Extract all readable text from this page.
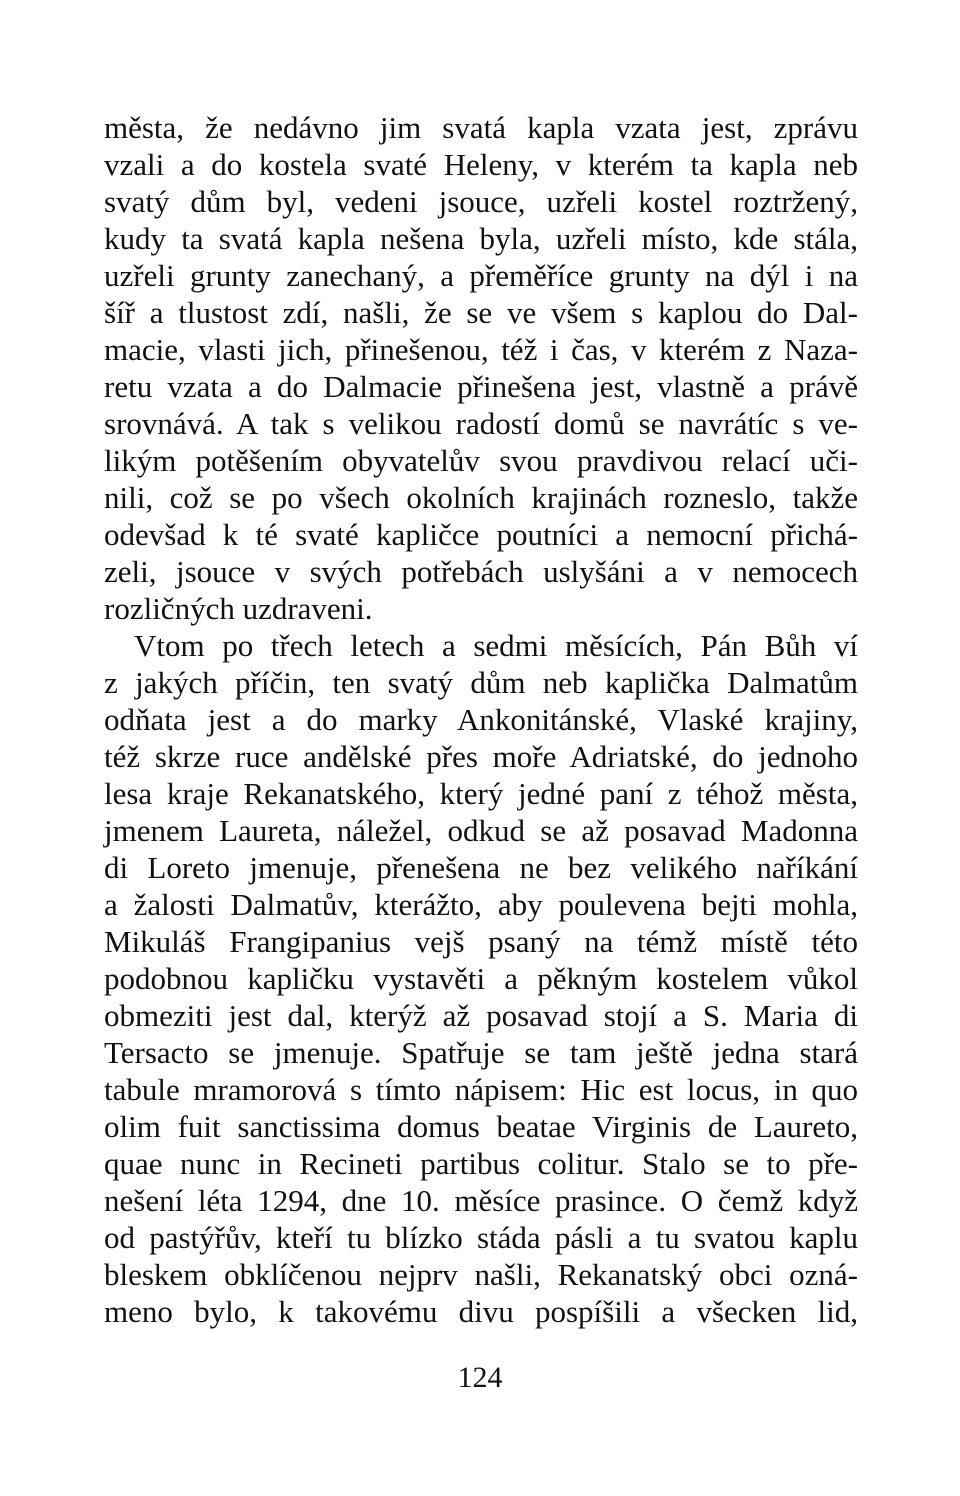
města, že nedávno jim svatá kapla vzata jest, zprávu
vzali a do kostela svaté Heleny, v kterém ta kapla neb
svatý dům byl, vedeni jsouce, uzřeli kostel roztržený,
kudy ta svatá kapla nešena byla, uzřeli místo, kde stála,
uzřeli grunty zanechaný, a přeměříce grunty na dýl i na
šíř a tlustost zdí, našli, že se ve všem s kaplou do Dal-
macie, vlasti jich, přinešenou, též i čas, v kterém z Naza-
retu vzata a do Dalmacie přinešena jest, vlastně a právě
srovnává. A tak s velikou radostí domů se navrátíc s ve-
likým potěšením obyvatelův svou pravdivou relací uči-
nili, což se po všech okolních krajinách rozneslo, takže
odevšad k té svaté kapličce poutníci a nemocní přichá-
zeli, jsouce v svých potřebách uslyšáni a v nemocech
rozličných uzdraveni.
Vtom po třech letech a sedmi měsících, Pán Bůh ví
z jakých příčin, ten svatý dům neb kaplička Dalmatům
odňata jest a do marky Ankonitánské, Vlaské krajiny,
též skrze ruce andělské přes moře Adriatské, do jednoho
lesa kraje Rekanatského, který jedné paní z téhož města,
jmenem Laureta, náležel, odkud se až posavad Madonna
di Loreto jmenuje, přenešena ne bez velikého naříkání
a žalosti Dalmatův, kterážto, aby poulevena bejti mohla,
Mikuláš Frangipanius vejš psaný na témž místě této
podobnou kapličku vystavěti a pěkným kostelem vůkol
obmeziti jest dal, kterýž až posavad stojí a S. Maria di
Tersacto se jmenuje. Spatřuje se tam ještě jedna stará
tabule mramorová s tímto nápisem: Hic est locus, in quo
olim fuit sanctissima domus beatae Virginis de Laureto,
quae nunc in Recineti partibus colitur. Stalo se to pře-
nešení léta 1294, dne 10. měsíce prasince. O čemž když
od pastýřův, kteří tu blízko stáda pásli a tu svatou kaplu
bleskem obklíčenou nejprv našli, Rekanatský obci ozná-
meno bylo, k takovému divu pospíšili a všecken lid,
124
